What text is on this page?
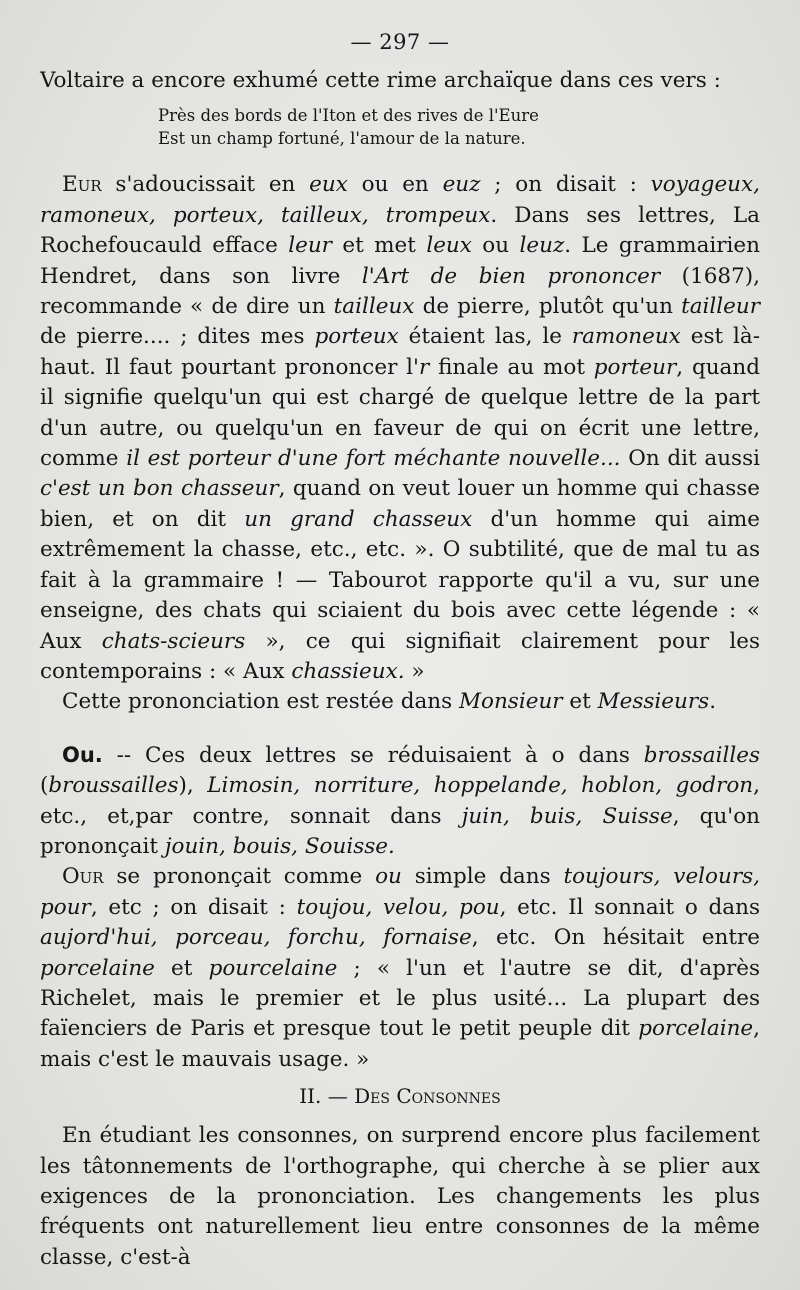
— 297 —

Voltaire a encore exhumé cette rime archaïque dans ces vers :

Près des bords de l'Iton et des rives de l'Eure
Est un champ fortuné, l'amour de la nature.

Eur s'adoucissait en eux ou en euz ; on disait : voyageux, ramoneux, porteux, tailleux, trompeux. Dans ses lettres, La Rochefoucauld efface leur et met leux ou leuz. Le grammairien Hendret, dans son livre l'Art de bien prononcer (1687), recommande « de dire un tailleux de pierre, plutôt qu'un tailleur de pierre.... ; dites mes porteux étaient las, le ramoneux est là-haut. Il faut pourtant prononcer l'r finale au mot porteur, quand il signifie quelqu'un qui est chargé de quelque lettre de la part d'un autre, ou quelqu'un en faveur de qui on écrit une lettre, comme il est porteur d'une fort méchante nouvelle... On dit aussi c'est un bon chasseur, quand on veut louer un homme qui chasse bien, et on dit un grand chasseux d'un homme qui aime extrêmement la chasse, etc., etc. ». O subtilité, que de mal tu as fait à la grammaire ! — Tabourot rapporte qu'il a vu, sur une enseigne, des chats qui sciaient du bois avec cette légende : « Aux chats-scieurs », ce qui signifiait clairement pour les contemporains : « Aux chassieux. »

Cette prononciation est restée dans Monsieur et Messieurs.

Ou. -- Ces deux lettres se réduisaient à o dans brossailles (broussailles), Limosin, norriture, hoppelande, hoblon, godron, etc., et,par contre, sonnait dans juin, buis, Suisse, qu'on prononçait jouin, bouis, Souisse.

Our se prononçait comme ou simple dans toujours, velours, pour, etc ; on disait : toujou, velou, pou, etc. Il sonnait o dans aujord'hui, porceau, forchu, fornaise, etc. On hésitait entre porcelaine et pourcelaine ; « l'un et l'autre se dit, d'après Richelet, mais le premier et le plus usité... La plupart des faïenciers de Paris et presque tout le petit peuple dit porcelaine, mais c'est le mauvais usage. »

II. — Des Consonnes

En étudiant les consonnes, on surprend encore plus facilement les tâtonnements de l'orthographe, qui cherche à se plier aux exigences de la prononciation. Les changements les plus fréquents ont naturellement lieu entre consonnes de la même classe, c'est-à
